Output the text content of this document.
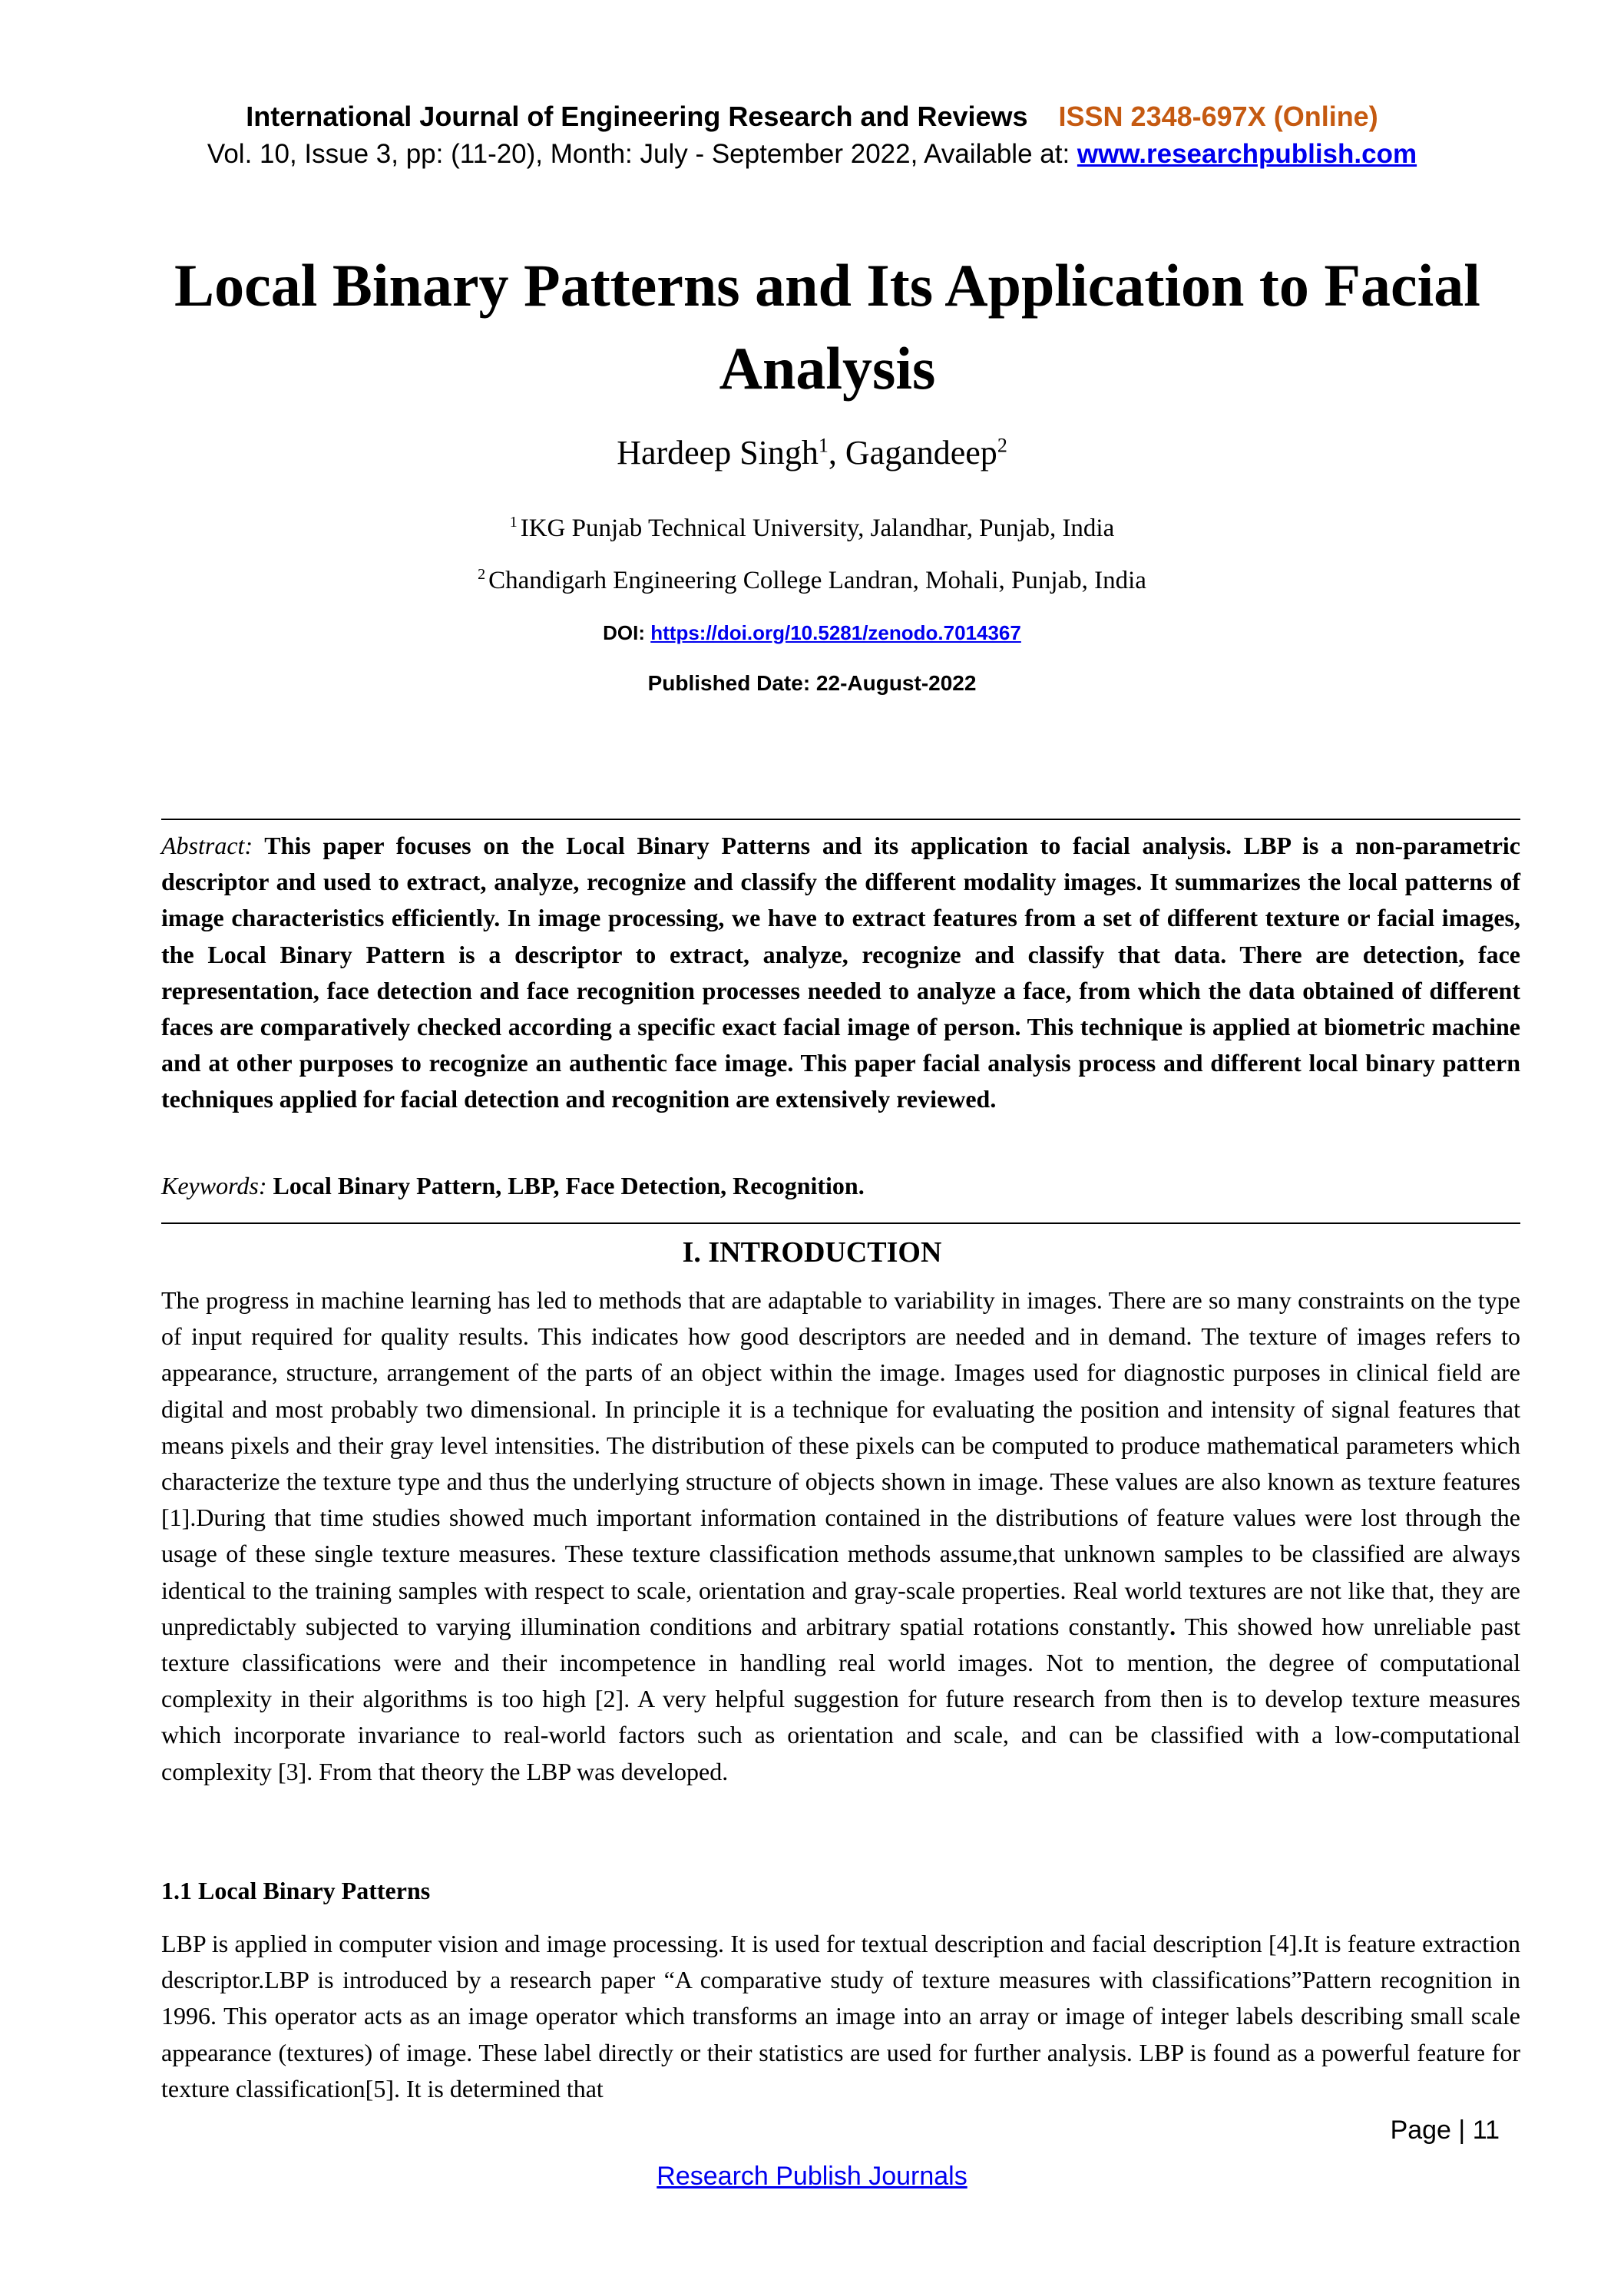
International Journal of Engineering Research and Reviews ISSN 2348-697X (Online)
Vol. 10, Issue 3, pp: (11-20), Month: July - September 2022, Available at: www.researchpublish.com
Local Binary Patterns and Its Application to Facial Analysis
Hardeep Singh$^1$, Gagandeep$^2$
$^1$ IKG Punjab Technical University, Jalandhar, Punjab, India
$^2$ Chandigarh Engineering College Landran, Mohali, Punjab, India
DOI: https://doi.org/10.5281/zenodo.7014367
Published Date: 22-August-2022

Abstract: This paper focuses on the Local Binary Patterns and its application to facial analysis. LBP is a non-parametric descriptor and used to extract, analyze, recognize and classify the different modality images. It summarizes the local patterns of image characteristics efficiently. In image processing, we have to extract features from a set of different texture or facial images, the Local Binary Pattern is a descriptor to extract, analyze, recognize and classify that data. There are detection, face representation, face detection and face recognition processes needed to analyze a face, from which the data obtained of different faces are comparatively checked according a specific exact facial image of person. This technique is applied at biometric machine and at other purposes to recognize an authentic face image. This paper facial analysis process and different local binary pattern techniques applied for facial detection and recognition are extensively reviewed.

Keywords: Local Binary Pattern, LBP, Face Detection, Recognition.

I. INTRODUCTION

The progress in machine learning has led to methods that are adaptable to variability in images. There are so many constraints on the type of input required for quality results. This indicates how good descriptors are needed and in demand. The texture of images refers to appearance, structure, arrangement of the parts of an object within the image. Images used for diagnostic purposes in clinical field are digital and most probably two dimensional. In principle it is a technique for evaluating the position and intensity of signal features that means pixels and their gray level intensities. The distribution of these pixels can be computed to produce mathematical parameters which characterize the texture type and thus the underlying structure of objects shown in image. These values are also known as texture features [1].During that time studies showed much important information contained in the distributions of feature values were lost through the usage of these single texture measures. These texture classification methods assume,that unknown samples to be classified are always identical to the training samples with respect to scale, orientation and gray-scale properties. Real world textures are not like that, they are unpredictably subjected to varying illumination conditions and arbitrary spatial rotations constantly. This showed how unreliable past texture classifications were and their incompetence in handling real world images. Not to mention, the degree of computational complexity in their algorithms is too high [2]. A very helpful suggestion for future research from then is to develop texture measures which incorporate invariance to real-world factors such as orientation and scale, and can be classified with a low-computational complexity [3]. From that theory the LBP was developed.

1.1 Local Binary Patterns

LBP is applied in computer vision and image processing. It is used for textual description and facial description [4].It is feature extraction descriptor.LBP is introduced by a research paper “A comparative study of texture measures with classifications”Pattern recognition in 1996. This operator acts as an image operator which transforms an image into an array or image of integer labels describing small scale appearance (textures) of image. These label directly or their statistics are used for further analysis. LBP is found as a powerful feature for texture classification[5]. It is determined that

Page | 11
Research Publish Journals
